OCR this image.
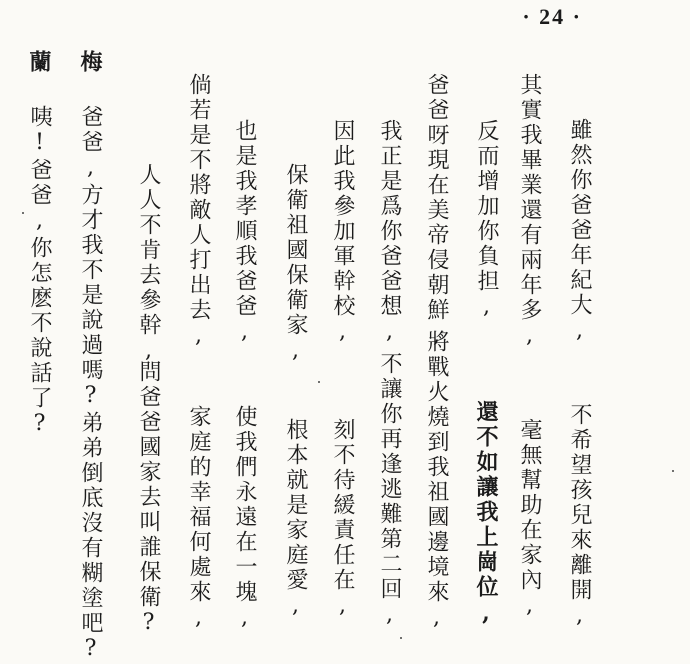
· 24 ·
雖然你爸爸年紀大,
不希望孩兒來離開,
其實我畢業還有兩年多,
毫無幫助在家內,
反而增加你負担,
還不如讓我上崗位,
爸爸呀現在美帝侵朝鮮,
將戰火燒到我祖國邊境來,
我正是爲你爸爸想,
不讓你再逢逃難第二回,
因此我參加軍幹校,
刻不待緩責任在,
保衛祖國保衛家,
根本就是家庭愛,
也是我孝順我爸爸,
使我們永遠在一塊,
倘若是不將敵人打出去,
家庭的幸福何處來,
人人不肯去參幹,
問爸爸國家去叫誰保衛?
梅
爸爸,方才我不是說過嗎?弟弟倒底沒有糊塗吧?
蘭
咦!爸爸,你怎麽不說話了?
